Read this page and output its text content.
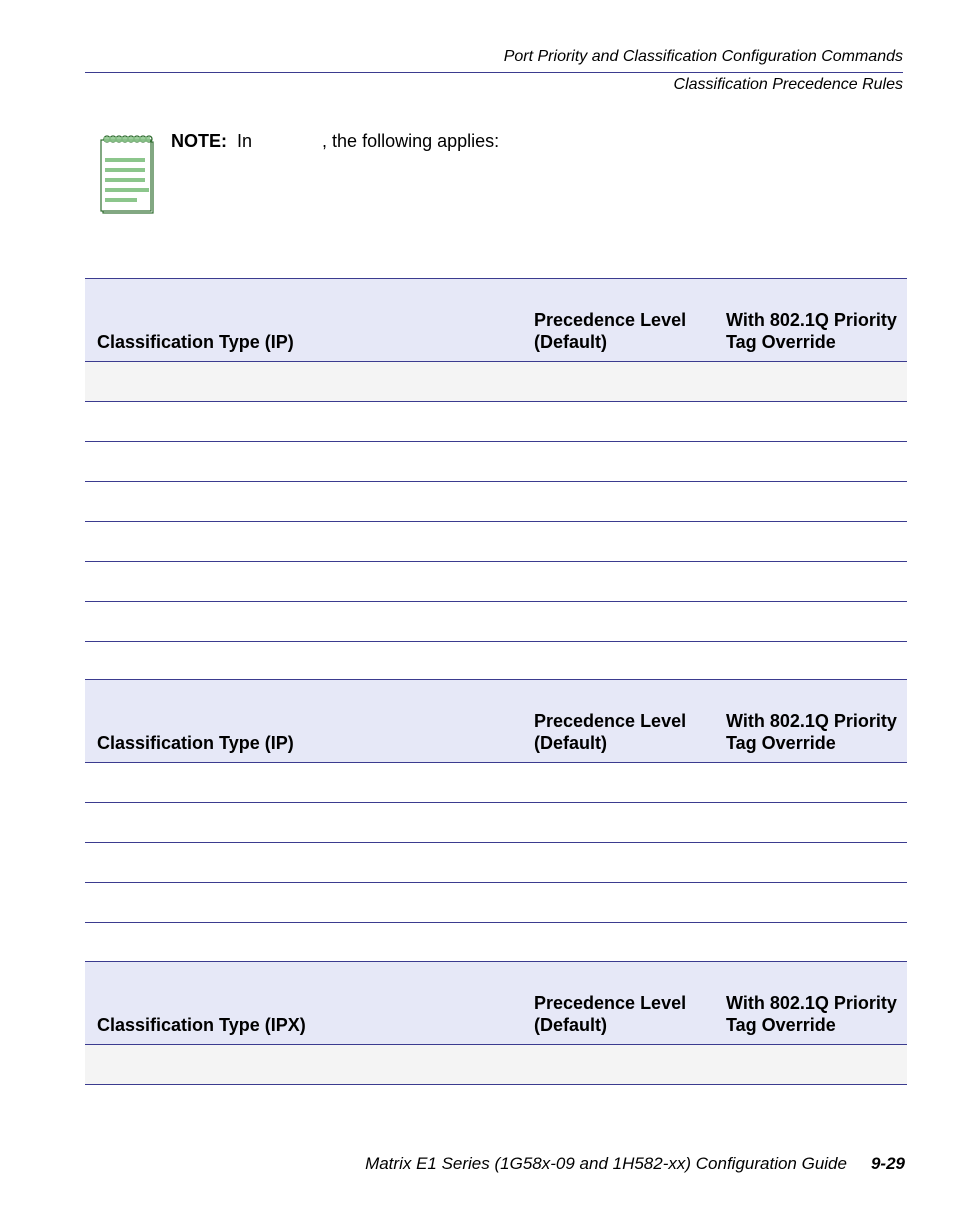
Port Priority and Classification Configuration Commands
Classification Precedence Rules
NOTE: In	, the following applies:
Classification Type (IP)	Precedence Level (Default)	With 802.1Q Priority Tag Override

Classification Type (IP)	Precedence Level (Default)	With 802.1Q Priority Tag Override

Classification Type (IPX)	Precedence Level (Default)	With 802.1Q Priority Tag Override

Matrix E1 Series (1G58x-09 and 1H582-xx) Configuration Guide 9-29
